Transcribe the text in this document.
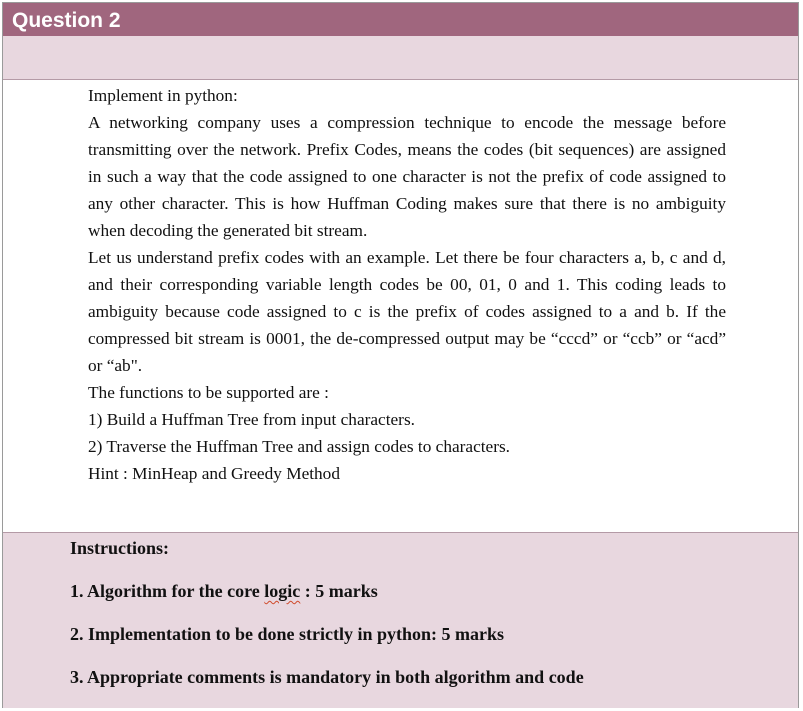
Question 2

Implement in python:

A networking company uses a compression technique to encode the message before transmitting over the network. Prefix Codes, means the codes (bit sequences) are assigned in such a way that the code assigned to one character is not the prefix of code assigned to any other character. This is how Huffman Coding makes sure that there is no ambiguity when decoding the generated bit stream.

Let us understand prefix codes with an example. Let there be four characters a, b, c and d, and their corresponding variable length codes be 00, 01, 0 and 1. This coding leads to ambiguity because code assigned to c is the prefix of codes assigned to a and b. If the compressed bit stream is 0001, the de-compressed output may be “cccd” or “ccb” or “acd” or “ab".

The functions to be supported are :

1) Build a Huffman Tree from input characters.

2) Traverse the Huffman Tree and assign codes to characters.

Hint : MinHeap and Greedy Method

Instructions:
1. Algorithm for the core logic : 5 marks
2. Implementation to be done strictly in python: 5 marks
3. Appropriate comments is mandatory in both algorithm and code
